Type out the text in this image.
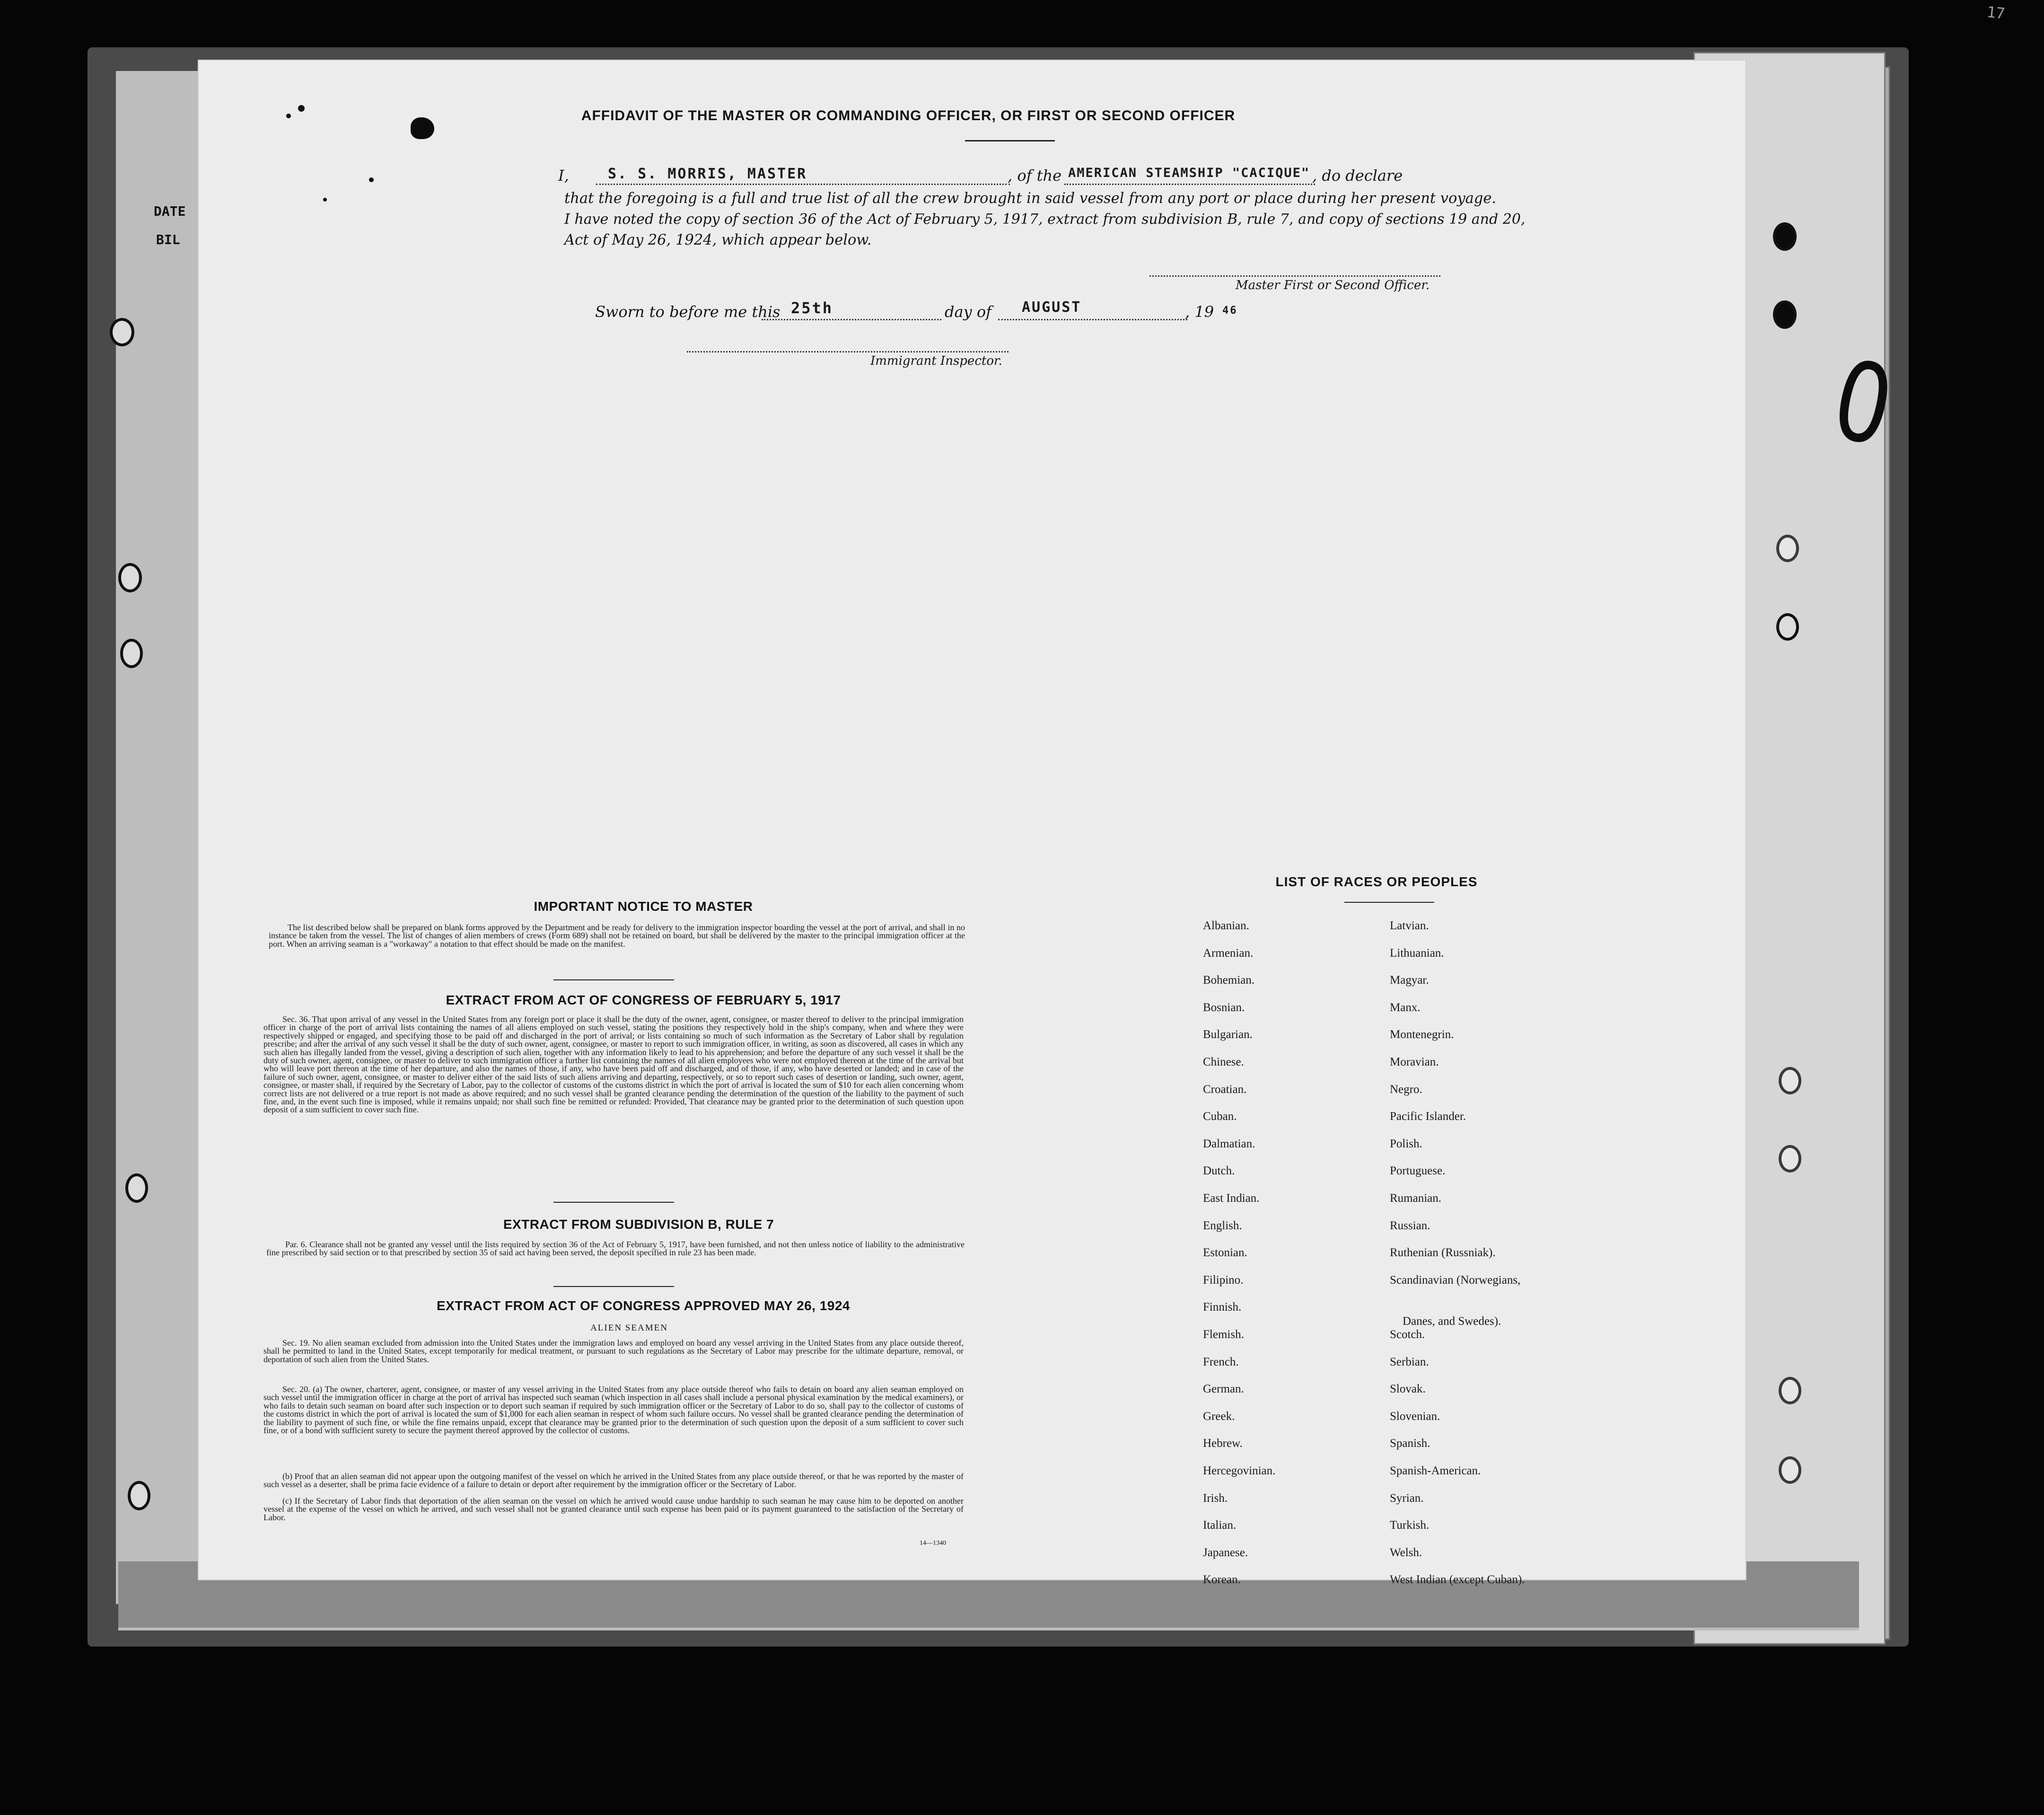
17
DATE
BIL
0
AFFIDAVIT OF THE MASTER OR COMMANDING OFFICER, OR FIRST OR SECOND OFFICER
I,	S. S. MORRIS, MASTER	, of the AMERICAN STEAMSHIP "CACIQUE" , do declare
that the foregoing is a full and true list of all the crew brought in said vessel from any port or place during her present voyage.
I have noted the copy of section 36 of the Act of February 5, 1917, extract from subdivision B, rule 7, and copy of sections 19 and 20,
Act of May 26, 1924, which appear below.
Master First or Second Officer.
Sworn to before me this 25th	day of AUGUST	, 19 46
Immigrant Inspector.
IMPORTANT NOTICE TO MASTER
The list described below shall be prepared on blank forms approved by the Department and be ready for delivery to the immigration inspector boarding the vessel at the port of arrival, and shall in no instance be taken from the vessel. The list of changes of alien members of crews (Form 689) shall not be retained on board, but shall be delivered by the master to the principal immigration officer at the port. When an arriving seaman is a "workaway" a notation to that effect should be made on the manifest.
EXTRACT FROM ACT OF CONGRESS OF FEBRUARY 5, 1917
Sec. 36. That upon arrival of any vessel in the United States from any foreign port or place it shall be the duty of the owner, agent, consignee, or master thereof to deliver to the principal immigration officer in charge of the port of arrival lists containing the names of all aliens employed on such vessel, stating the positions they respectively hold in the ship's company, when and where they were respectively shipped or engaged, and specifying those to be paid off and discharged in the port of arrival; or lists containing so much of such information as the Secretary of Labor shall by regulation prescribe; and after the arrival of any such vessel it shall be the duty of such owner, agent, consignee, or master to report to such immigration officer, in writing, as soon as discovered, all cases in which any such alien has illegally landed from the vessel, giving a description of such alien, together with any information likely to lead to his apprehension; and before the departure of any such vessel it shall be the duty of such owner, agent, consignee, or master to deliver to such immigration officer a further list containing the names of all alien employees who were not employed thereon at the time of the arrival but who will leave port thereon at the time of her departure, and also the names of those, if any, who have been paid off and discharged, and of those, if any, who have deserted or landed; and in case of the failure of such owner, agent, consignee, or master to deliver either of the said lists of such aliens arriving and departing, respectively, or so to report such cases of desertion or landing, such owner, agent, consignee, or master shall, if required by the Secretary of Labor, pay to the collector of customs of the customs district in which the port of arrival is located the sum of $10 for each alien concerning whom correct lists are not delivered or a true report is not made as above required; and no such vessel shall be granted clearance pending the determination of the question of the liability to the payment of such fine, and, in the event such fine is imposed, while it remains unpaid; nor shall such fine be remitted or refunded: Provided, That clearance may be granted prior to the determination of such question upon deposit of a sum sufficient to cover such fine.
EXTRACT FROM SUBDIVISION B, RULE 7
Par. 6. Clearance shall not be granted any vessel until the lists required by section 36 of the Act of February 5, 1917, have been furnished, and not then unless notice of liability to the administrative fine prescribed by said section or to that prescribed by section 35 of said act having been served, the deposit specified in rule 23 has been made.
EXTRACT FROM ACT OF CONGRESS APPROVED MAY 26, 1924
ALIEN SEAMEN
Sec. 19. No alien seaman excluded from admission into the United States under the immigration laws and employed on board any vessel arriving in the United States from any place outside thereof, shall be permitted to land in the United States, except temporarily for medical treatment, or pursuant to such regulations as the Secretary of Labor may prescribe for the ultimate departure, removal, or deportation of such alien from the United States.
Sec. 20. (a) The owner, charterer, agent, consignee, or master of any vessel arriving in the United States from any place outside thereof who fails to detain on board any alien seaman employed on such vessel until the immigration officer in charge at the port of arrival has inspected such seaman (which inspection in all cases shall include a personal physical examination by the medical examiners), or who fails to detain such seaman on board after such inspection or to deport such seaman if required by such immigration officer or the Secretary of Labor to do so, shall pay to the collector of customs of the customs district in which the port of arrival is located the sum of $1,000 for each alien seaman in respect of whom such failure occurs. No vessel shall be granted clearance pending the determination of the liability to payment of such fine, or while the fine remains unpaid, except that clearance may be granted prior to the determination of such question upon the deposit of a sum sufficient to cover such fine, or of a bond with sufficient surety to secure the payment thereof approved by the collector of customs.
(b) Proof that an alien seaman did not appear upon the outgoing manifest of the vessel on which he arrived in the United States from any place outside thereof, or that he was reported by the master of such vessel as a deserter, shall be prima facie evidence of a failure to detain or deport after requirement by the immigration officer or the Secretary of Labor.
(c) If the Secretary of Labor finds that deportation of the alien seaman on the vessel on which he arrived would cause undue hardship to such seaman he may cause him to be deported on another vessel at the expense of the vessel on which he arrived, and such vessel shall not be granted clearance until such expense has been paid or its payment guaranteed to the satisfaction of the Secretary of Labor.
14—1340
LIST OF RACES OR PEOPLES
Albanian.
Armenian.
Bohemian.
Bosnian.
Bulgarian.
Chinese.
Croatian.
Cuban.
Dalmatian.
Dutch.
East Indian.
English.
Estonian.
Filipino.
Finnish.
Flemish.
French.
German.
Greek.
Hebrew.
Hercegovinian.
Irish.
Italian.
Japanese.
Korean.
Latvian.
Lithuanian.
Magyar.
Manx.
Montenegrin.
Moravian.
Negro.
Pacific Islander.
Polish.
Portuguese.
Rumanian.
Russian.
Ruthenian (Russniak).
Scandinavian (Norwegians,
Danes, and Swedes).
Scotch.
Serbian.
Slovak.
Slovenian.
Spanish.
Spanish-American.
Syrian.
Turkish.
Welsh.
West Indian (except Cuban).
